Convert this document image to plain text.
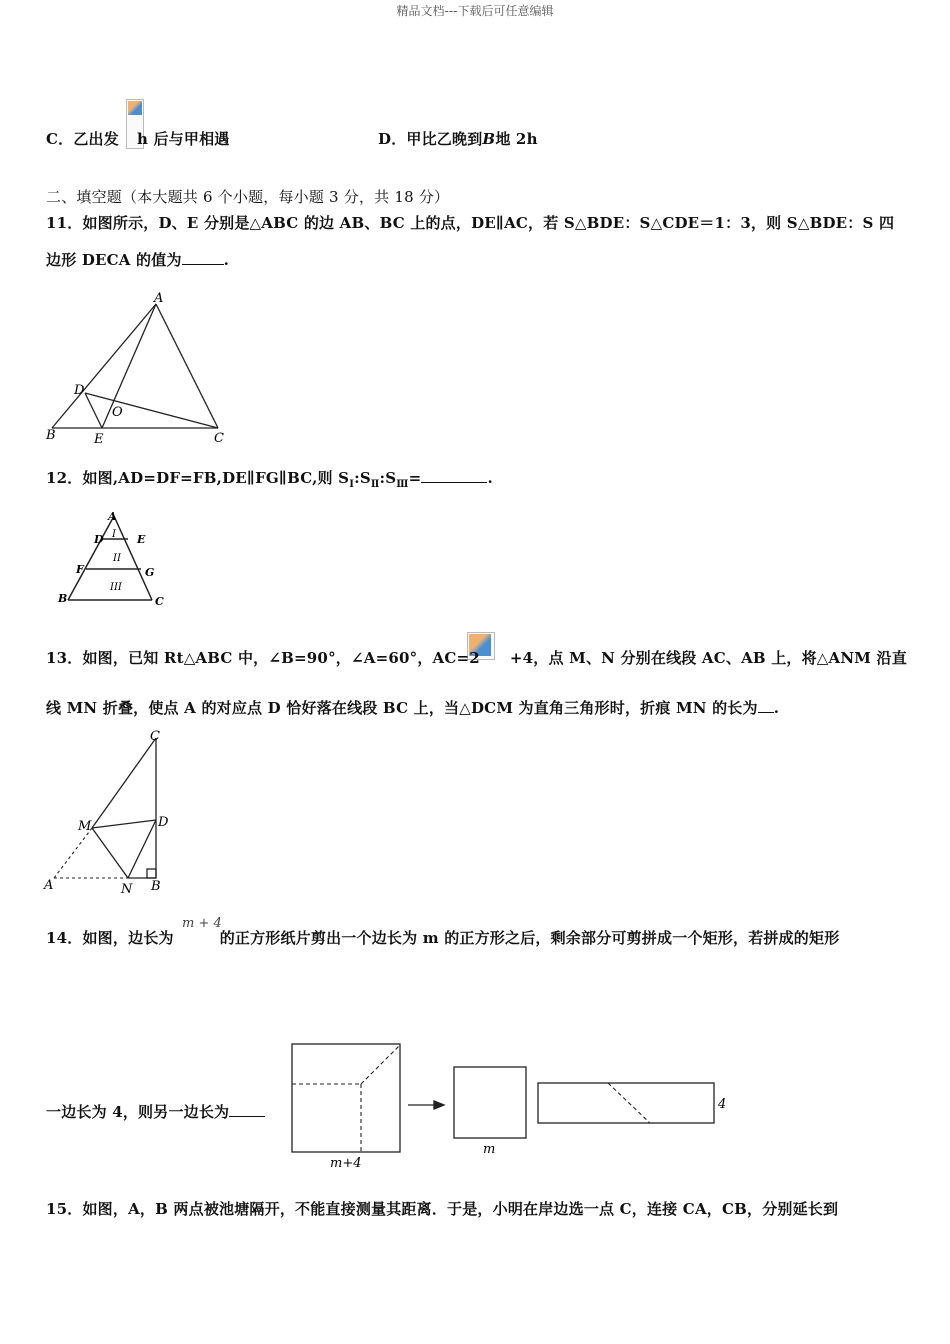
精品文档---下载后可任意编辑
C．乙出发 h 后与甲相遇	D．甲比乙晚到B地 2h
二、填空题（本大题共 6 个小题，每小题 3 分，共 18 分）
11．如图所示，D、E 分别是△ABC 的边 AB、BC 上的点，DE∥AC，若 S△BDE：S△CDE＝1：3，则 S△BDE：S 四
边形 DECA 的值为	.
A
D
O
B	E	C
12．如图,AD=DF=FB,DE∥FG∥BC,则 $S_Ⅰ:S_Ⅱ:S_Ⅲ=$	.
A
D	E
F	G
B	C
I
II
III
13．如图，已知 Rt△ABC 中，∠B=90°，∠A=60°，AC=2 +4，点 M、N 分别在线段 AC、AB 上，将△ANM 沿直
线 MN 折叠，使点 A 的对应点 D 恰好落在线段 BC 上，当△DCM 为直角三角形时，折痕 MN 的长为 .
C
D
M
A	N B
m + 4
14．如图，边长为	的正方形纸片剪出一个边长为 m 的正方形之后，剩余部分可剪拼成一个矩形，若拼成的矩形
一边长为 4，则另一边长为
m+4
m
4
15．如图，A，B 两点被池塘隔开，不能直接测量其距离．于是，小明在岸边选一点 C，连接 CA，CB，分别延长到
